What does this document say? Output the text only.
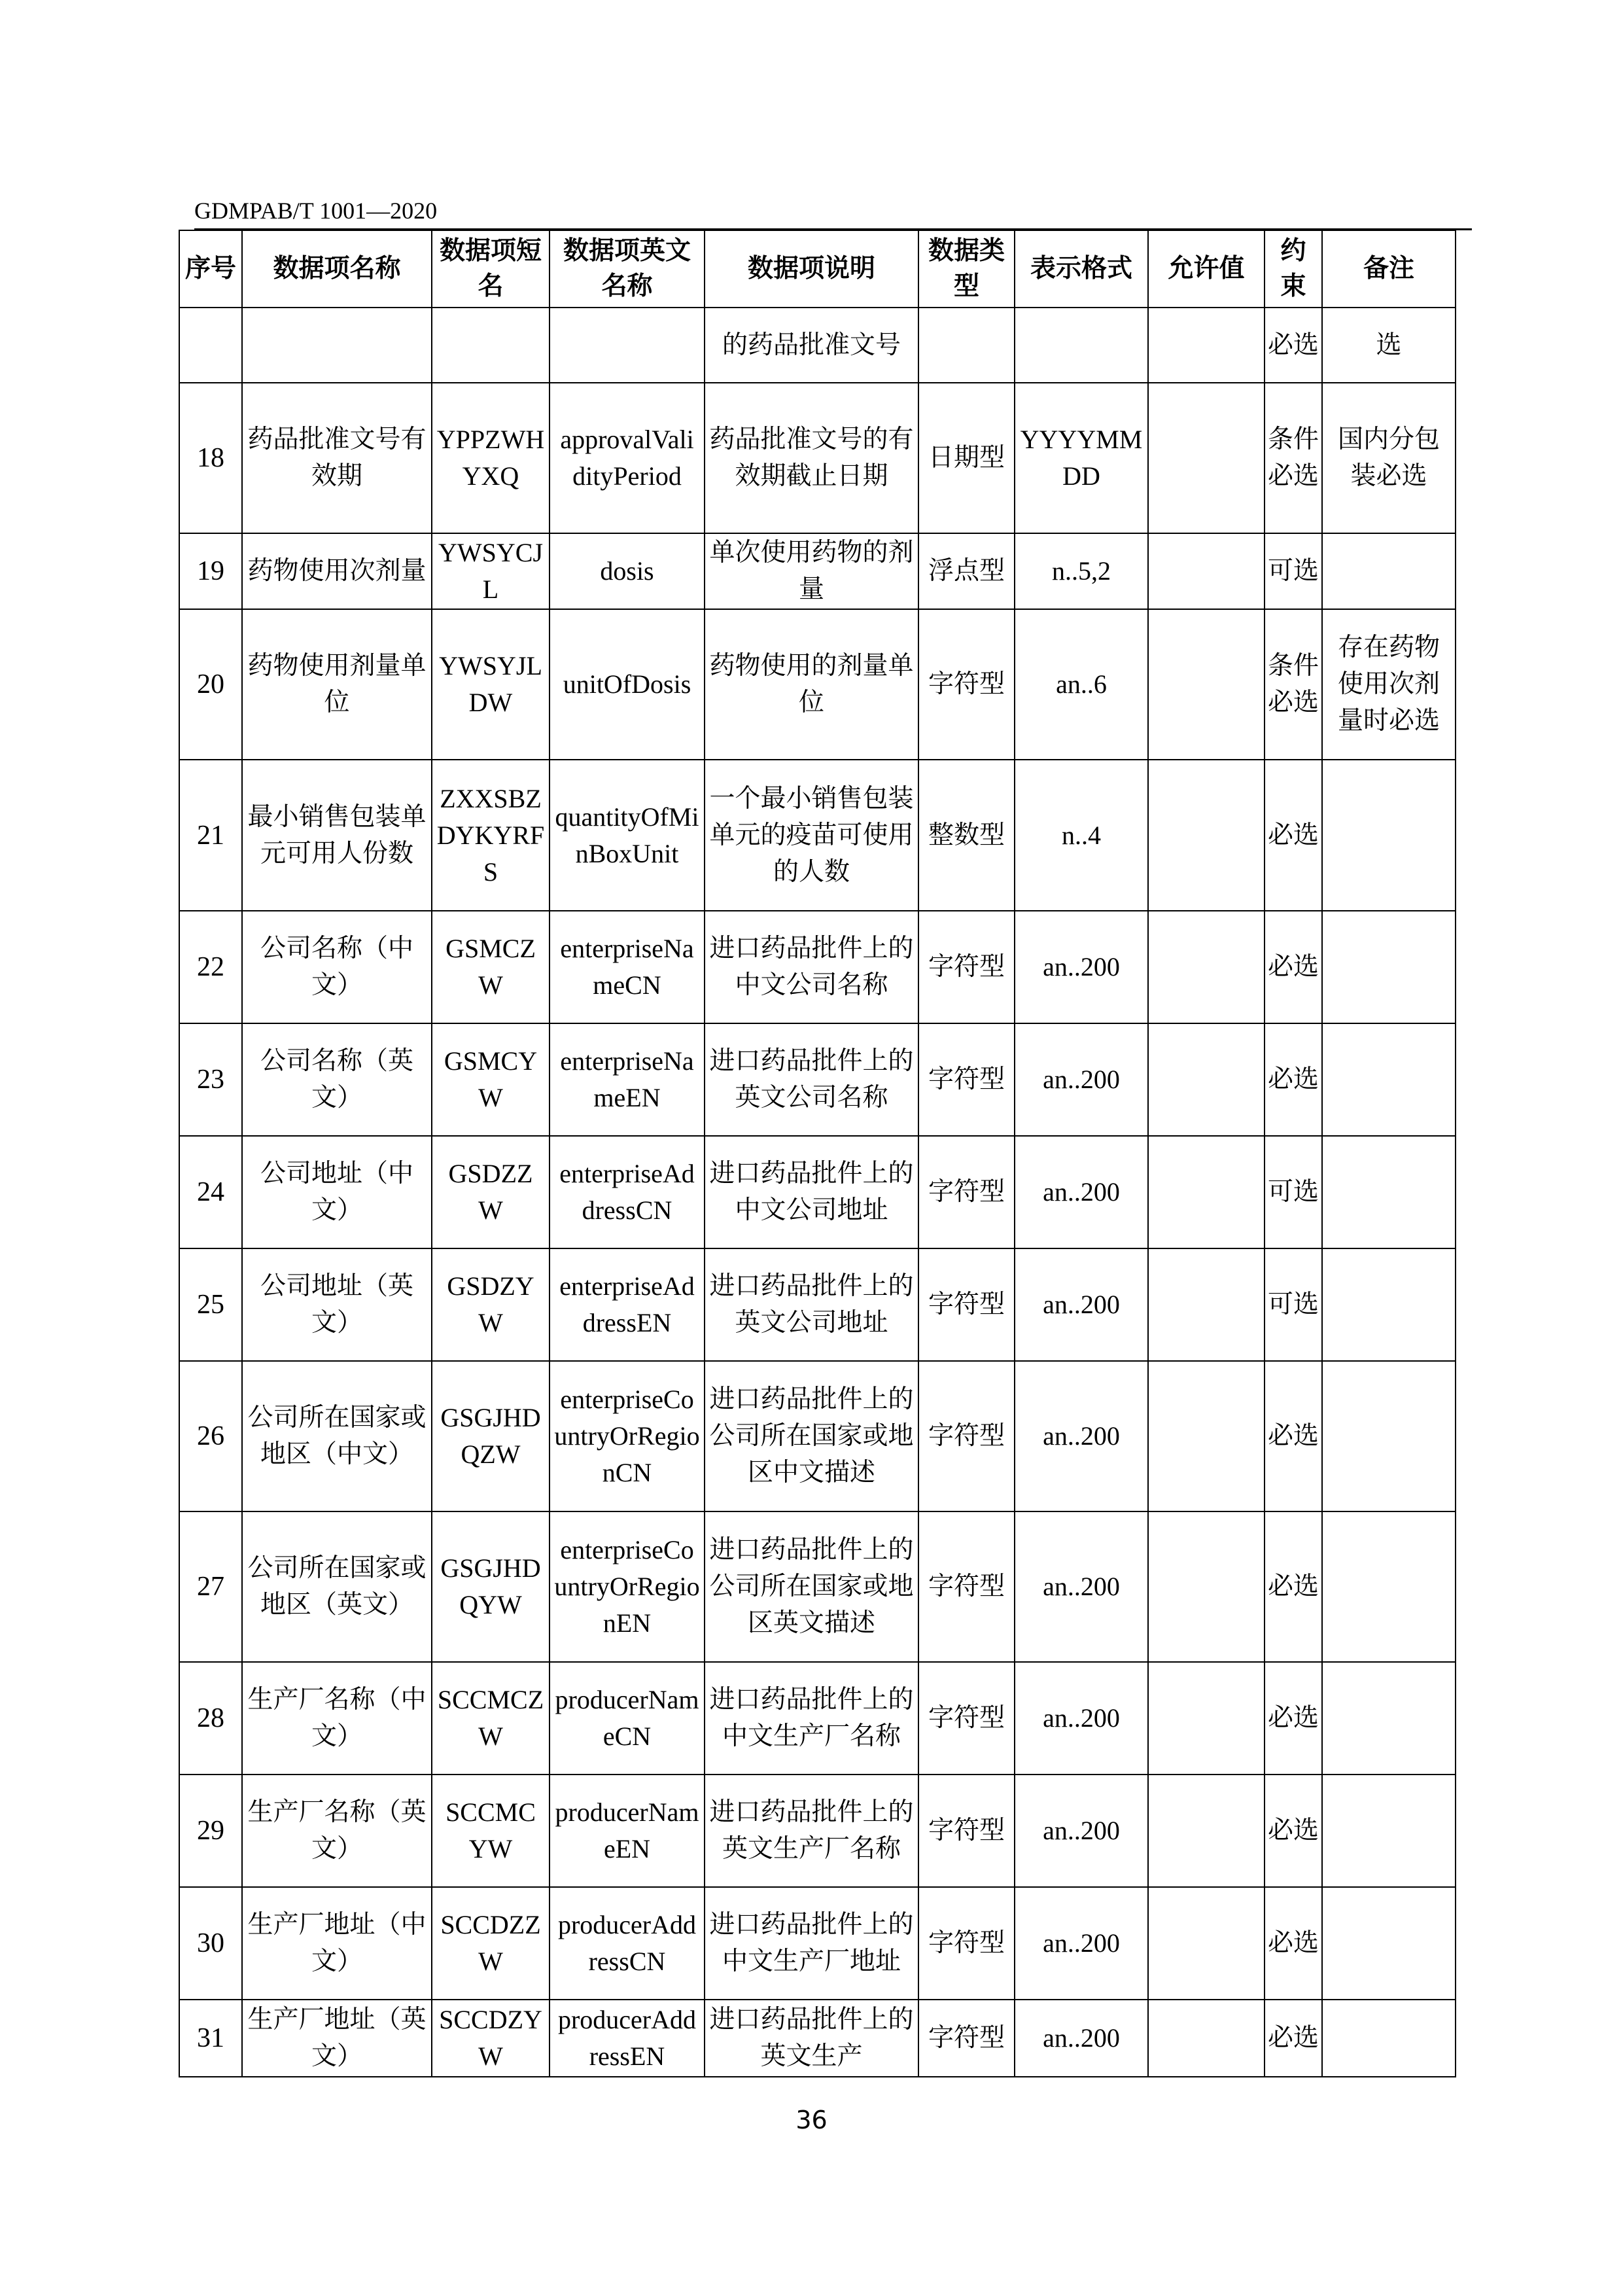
GDMPAB/T 1001—2020
序号	数据项名称	数据项短名	数据项英文名称	数据项说明	数据类型	表示格式	允许值	约束	备注
				的药品批准文号				必选	选
18	药品批准文号有效期	YPPZWHYXQ	approvalValidityPeriod	药品批准文号的有效期截止日期	日期型	YYYYMMDD		条件必选	国内分包装必选
19	药物使用次剂量	YWSYCJL	dosis	单次使用药物的剂量	浮点型	n..5,2		可选	
20	药物使用剂量单位	YWSYJLDW	unitOfDosis	药物使用的剂量单位	字符型	an..6		条件必选	存在药物使用次剂量时必选
21	最小销售包装单元可用人份数	ZXXSBZDYKYRFS	quantityOfMinBoxUnit	一个最小销售包装单元的疫苗可使用的人数	整数型	n..4		必选	
22	公司名称（中文）	GSMCZW	enterpriseNameCN	进口药品批件上的中文公司名称	字符型	an..200		必选	
23	公司名称（英文）	GSMCYW	enterpriseNameEN	进口药品批件上的英文公司名称	字符型	an..200		必选	
24	公司地址（中文）	GSDZZW	enterpriseAddressCN	进口药品批件上的中文公司地址	字符型	an..200		可选	
25	公司地址（英文）	GSDZYW	enterpriseAddressEN	进口药品批件上的英文公司地址	字符型	an..200		可选	
26	公司所在国家或地区（中文）	GSGJHDQZW	enterpriseCountryOrRegionCN	进口药品批件上的公司所在国家或地区中文描述	字符型	an..200		必选	
27	公司所在国家或地区（英文）	GSGJHDQYW	enterpriseCountryOrRegionEN	进口药品批件上的公司所在国家或地区英文描述	字符型	an..200		必选	
28	生产厂名称（中文）	SCCMCZW	producerNameCN	进口药品批件上的中文生产厂名称	字符型	an..200		必选	
29	生产厂名称（英文）	SCCMCYW	producerNameEN	进口药品批件上的英文生产厂名称	字符型	an..200		必选	
30	生产厂地址（中文）	SCCDZZW	producerAddressCN	进口药品批件上的中文生产厂地址	字符型	an..200		必选	
31	生产厂地址（英文）	SCCDZYW	producerAddressEN	进口药品批件上的英文生产	字符型	an..200		必选	
36
